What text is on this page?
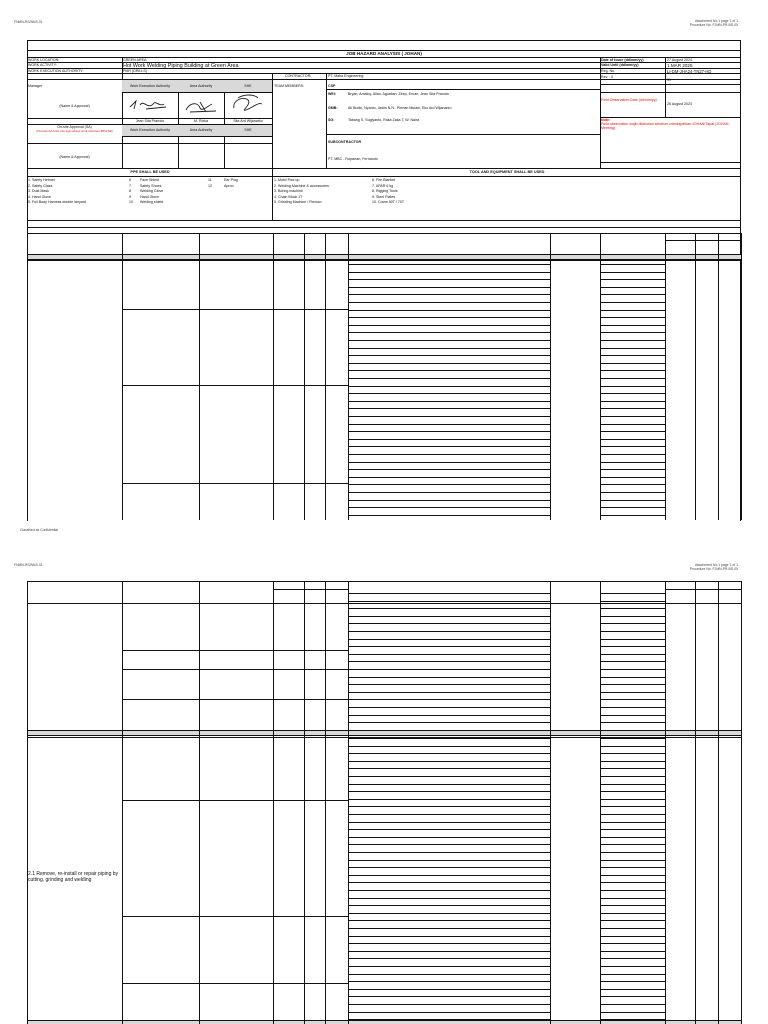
FNMN-RS/NNS-01	Attachment No.1 page 1 of 1
Procedure No. FJMN-PR-BS-05
JOB HAZARD ANALYSIS ( JOHAN)
WORK LOCATION:	GREEN AREA
WORK ACTIVITY:	Hot Work Welding Piping Building at Green Area
WORK EXECUTION AUTHORITY:	PMR (DRILLS)
Manager	Work Execution Authority	Area Authority	SHE
(Name & Approval)
Jean Sita Pranoto	M. Rizka	Sita Ard Wijanarko
On-site Approval (SA)
(Choose AA-fotor can sign where work activities BPH-SE)	Work Execution Authority	Area Authority	SHE
(Name & Approval)
CONTRACTOR:	PT. Maha Engineering
TEAM MEMBERS:	CSP
WEI:	Bryan, Amaloy, Allan, Agustian, Zeep, Ernan, Jean Sita Pranoto
GMB:	Ali Budin, Nyanto, Jaslin N.N., Pirman Mulani, Eko Ard Wijanarko
SG:	Tabang S, Sugiyanto, Raka Zaka T, W. Naira
SUBCONTRACTOR
PT. MBC - Ruparran, Fernando
Date of Issue (dd/mm/yy)	27 August 2024
Valid Until (dd/mm/yy)	1 MAR 2025
Reg. No.	LI-DM-JHA24-TN27-HD
Rev. : 0
01
Field Observation Date (dd/mm/yy)
26 August 2024
Note:
Field observation wajib dilakukan sebelum mendapatkan JOHAN/Tapat (JOHAN Meeting)
PPE SHALL BE USED	TOOL AND EQUIPMENT SHALL BE USED
1. Safety Helmet	6	Face Shield	11	Ear Plug
2. Safety Glass	7	Safety Shoes	12	Apron
3. Dust Mask	8	Welding Glove
4. Hand Glove	9	Hand Glove
5. Full Body Harness double lanyard	10 Welding shield
1. Mobil Pick up	6. Fire Blanket
2. Welding Machine & accessories	7. APAR 6 kg
3. Boring machine	8. Rigging Tools
4. Chain Block 1T	9. Steel Plates
5. Grinding Machine / Flexsco	10. Crane 50T / 70T
Classified as Confidential
FNMN-RS/NNS-01	Attachment No.1 page 1 of 1
Procedure No. FJMN-PR-BS-05
2.1 Remove, re-install or repair piping by cutting, grinding and welding
